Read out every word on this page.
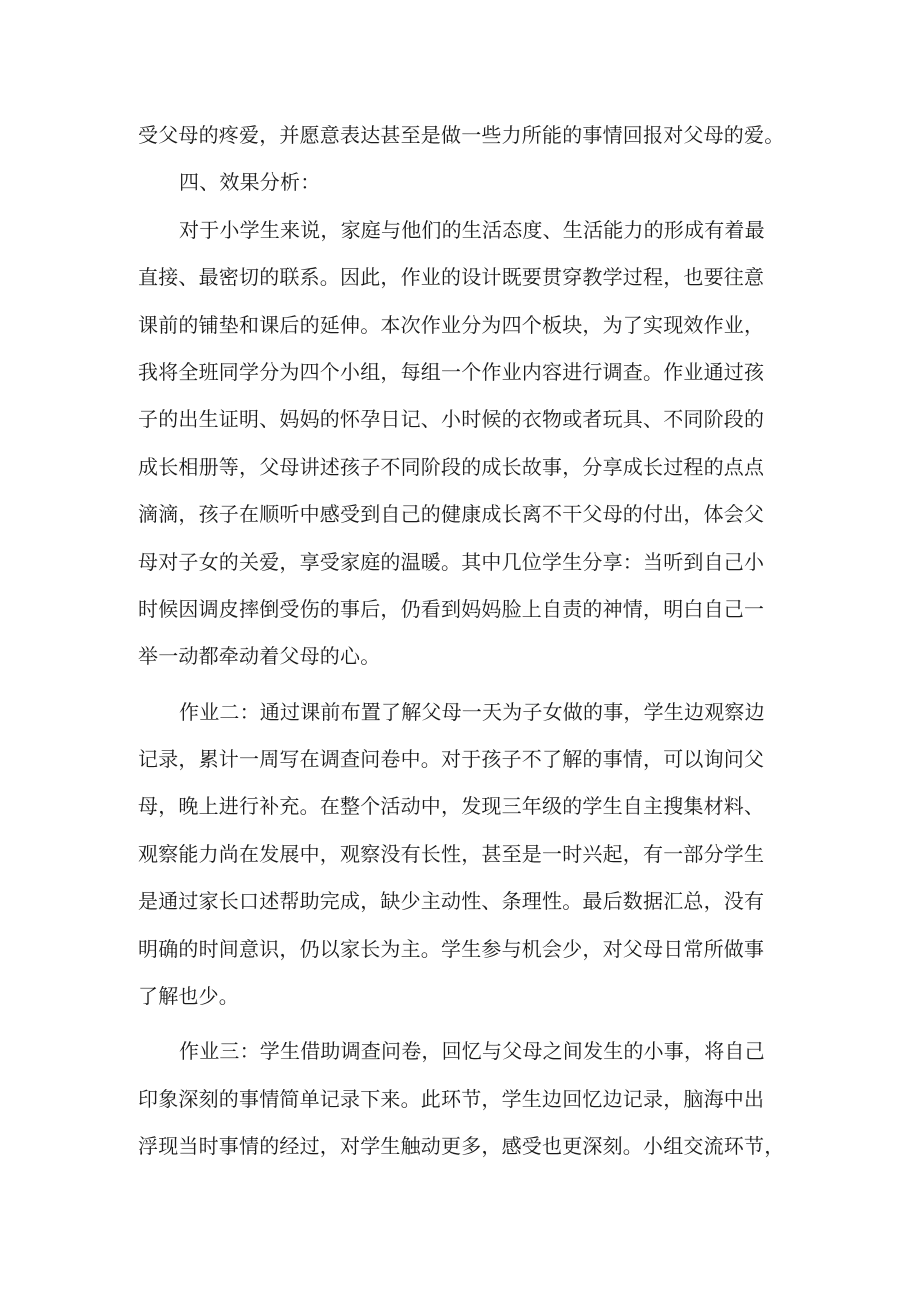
受父母的疼爱，并愿意表达甚至是做一些力所能的事情回报对父母的爱。
四、效果分析：
对于小学生来说，家庭与他们的生活态度、生活能力的形成有着最
直接、最密切的联系。因此，作业的设计既要贯穿教学过程，也要往意
课前的铺垫和课后的延伸。本次作业分为四个板块，为了实现效作业，
我将全班同学分为四个小组，每组一个作业内容进行调查。作业通过孩
子的出生证明、妈妈的怀孕日记、小时候的衣物或者玩具、不同阶段的
成长相册等，父母讲述孩子不同阶段的成长故事，分享成长过程的点点
滴滴，孩子在顺听中感受到自己的健康成长离不干父母的付出，体会父
母对子女的关爱，享受家庭的温暖。其中几位学生分享：当听到自己小
时候因调皮摔倒受伤的事后，仍看到妈妈脸上自责的神情，明白自己一
举一动都牵动着父母的心。
作业二：通过课前布置了解父母一天为子女做的事，学生边观察边
记录，累计一周写在调查问卷中。对于孩子不了解的事情，可以询问父
母，晚上进行补充。在整个活动中，发现三年级的学生自主搜集材料、
观察能力尚在发展中，观察没有长性，甚至是一时兴起，有一部分学生
是通过家长口述帮助完成，缺少主动性、条理性。最后数据汇总，没有
明确的时间意识，仍以家长为主。学生参与机会少，对父母日常所做事
了解也少。
作业三：学生借助调查问卷，回忆与父母之间发生的小事，将自己
印象深刻的事情简单记录下来。此环节，学生边回忆边记录，脑海中出
浮现当时事情的经过，对学生触动更多，感受也更深刻。小组交流环节，
